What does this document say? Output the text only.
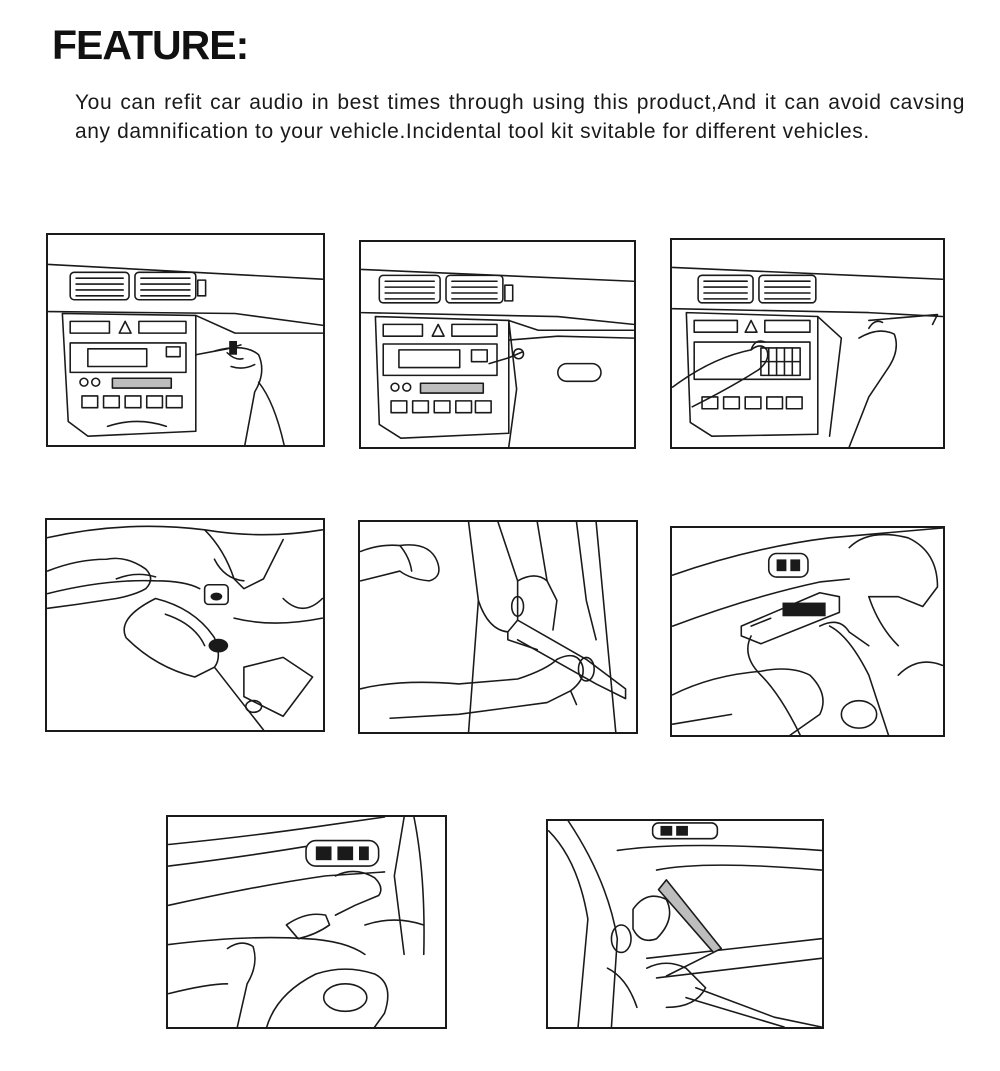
FEATURE:
You can refit car audio in best times through using this product,And it can avoid cavsing any damnification to your vehicle.Incidental tool kit svitable for different vehicles.
